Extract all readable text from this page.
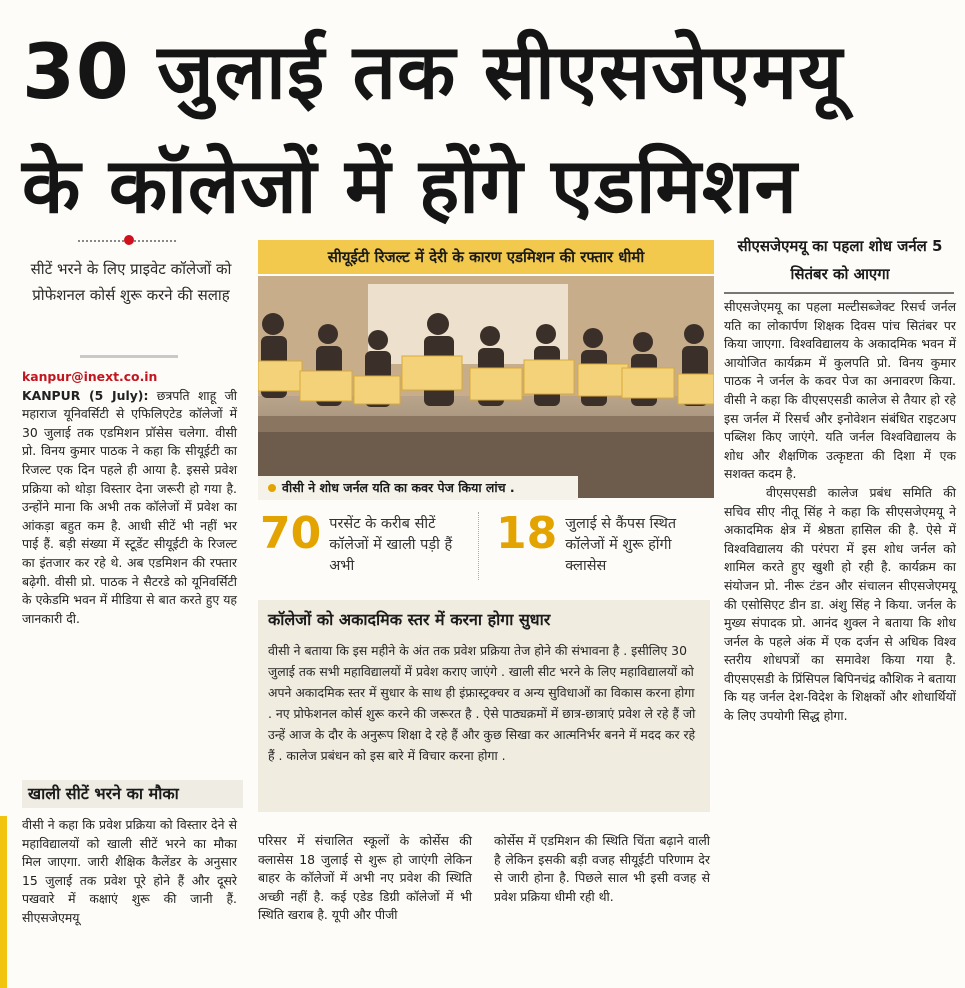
30 जुलाई तक सीएसजेएमयू
के कॉलेजों में होंगे एडमिशन
सीटें भरने के लिए प्राइवेट कॉलेजों को प्रोफेशनल कोर्स शुरू करने की सलाह
kanpur@inext.co.in
KANPUR (5 July): छत्रपति शाहू जी महाराज यूनिवर्सिटी से एफिलिएटेड कॉलेजों में 30 जुलाई तक एडमिशन प्रॉसेस चलेगा. वीसी प्रो. विनय कुमार पाठक ने कहा कि सीयूईटी का रिजल्ट एक दिन पहले ही आया है. इससे प्रवेश प्रक्रिया को थोड़ा विस्तार देना जरूरी हो गया है. उन्होंने माना कि अभी तक कॉलेजों में प्रवेश का आंकड़ा बहुत कम है. आधी सीटें भी नहीं भर पाई हैं. बड़ी संख्या में स्टूडेंट सीयूईटी के रिजल्ट का इंतजार कर रहे थे. अब एडमिशन की रफ्तार बढ़ेगी. वीसी प्रो. पाठक ने सैटरडे को यूनिवर्सिटी के एकेडमि भवन में मीडिया से बात करते हुए यह जानकारी दी.
खाली सीटें भरने का मौका
वीसी ने कहा कि प्रवेश प्रक्रिया को विस्तार देने से महाविद्यालयों को खाली सीटें भरने का मौका मिल जाएगा. जारी शैक्षिक कैलेंडर के अनुसार 15 जुलाई तक प्रवेश पूरे होने हैं और दूसरे पखवारे में कक्षाएं शुरू की जानी हैं. सीएसजेएमयू
परिसर में संचालित स्कूलों के कोर्सेस की क्लासेस 18 जुलाई से शुरू हो जाएंगी लेकिन बाहर के कॉलेजों में अभी नए प्रवेश की स्थिति अच्छी नहीं है. कई एडेड डिग्री कॉलेजों में भी स्थिति खराब है. यूपी और पीजी
कोर्सेस में एडमिशन की स्थिति चिंता बढ़ाने वाली है लेकिन इसकी बड़ी वजह सीयूईटी परिणाम देर से जारी होना है. पिछले साल भी इसी वजह से प्रवेश प्रक्रिया धीमी रही थी.
सीयूईटी रिजल्ट में देरी के कारण एडमिशन की रफ्तार धीमी
वीसी ने शोध जर्नल यति का कवर पेज किया लांच .
70 परसेंट के करीब सीटें कॉलेजों में खाली पड़ी हैं अभी
18 जुलाई से कैंपस स्थित कॉलेजों में शुरू होंगी क्लासेस
कॉलेजों को अकादमिक स्तर में करना होगा सुधार
वीसी ने बताया कि इस महीने के अंत तक प्रवेश प्रक्रिया तेज होने की संभावना है . इसीलिए 30 जुलाई तक सभी महाविद्यालयों में प्रवेश कराए जाएंगे . खाली सीट भरने के लिए महाविद्यालयों को अपने अकादमिक स्तर में सुधार के साथ ही इंफ्रास्ट्रक्चर व अन्य सुविधाओं का विकास करना होगा . नए प्रोफेशनल कोर्स शुरू करने की जरूरत है . ऐसे पाठ्यक्रमों में छात्र-छात्राएं प्रवेश ले रहे हैं जो उन्हें आज के दौर के अनुरूप शिक्षा दे रहे हैं और कुछ सिखा कर आत्मनिर्भर बनने में मदद कर रहे हैं . कालेज प्रबंधन को इस बारे में विचार करना होगा .
सीएसजेएमयू का पहला शोध जर्नल 5 सितंबर को आएगा

सीएसजेएमयू का पहला मल्टीसब्जेक्ट रिसर्च जर्नल यति का लोकार्पण शिक्षक दिवस पांच सितंबर पर किया जाएगा. विश्वविद्यालय के अकादमिक भवन में आयोजित कार्यक्रम में कुलपति प्रो. विनय कुमार पाठक ने जर्नल के कवर पेज का अनावरण किया. वीसी ने कहा कि वीएसएसडी कालेज से तैयार हो रहे इस जर्नल में रिसर्च और इनोवेशन संबंधित राइटअप पब्लिश किए जाएंगे. यति जर्नल विश्वविद्यालय के शोध और शैक्षणिक उत्कृष्टता की दिशा में एक सशक्त कदम है.

वीएसएसडी कालेज प्रबंध समिति की सचिव सीए नीतू सिंह ने कहा कि सीएसजेएमयू ने अकादमिक क्षेत्र में श्रेष्ठता हासिल की है. ऐसे में विश्वविद्यालय की परंपरा में इस शोध जर्नल को शामिल करते हुए खुशी हो रही है. कार्यक्रम का संयोजन प्रो. नीरू टंडन और संचालन सीएसजेएमयू की एसोसिएट डीन डा. अंशु सिंह ने किया. जर्नल के मुख्य संपादक प्रो. आनंद शुक्ल ने बताया कि शोध जर्नल के पहले अंक में एक दर्जन से अधिक विश्व स्तरीय शोधपत्रों का समावेश किया गया है. वीएसएसडी के प्रिंसिपल बिपिनचंद्र कौशिक ने बताया कि यह जर्नल देश-विदेश के शिक्षकों और शोधार्थियों के लिए उपयोगी सिद्ध होगा.
